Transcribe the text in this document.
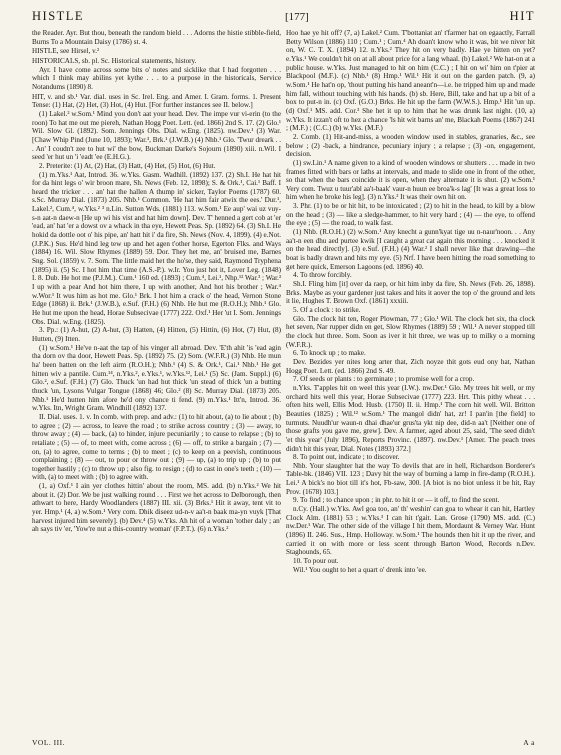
HISTLE	[177]	HIT

the Reader. Ayr. But thou, beneath the random bield . . . Adorns the histie stibble-field, Burns To a Mountain Daisy (1786) st. 4.

HISTLE, see Hirsel, v.²

HISTORICALS, sb. pl. Sc. Historical statements, history.

Ayr. I have come across some bits o' notes and sicklike that I had forgotten . . . which I think may abilins yet kythe . . . to a purpose in the historicals, Service Notandums (1890) 8.

HIT, v. and sb.¹ Var. dial. uses in Sc. Irel. Eng. and Amer. I. Gram. forms. 1. Present Tense: (1) Hat, (2) Het, (3) Hot, (4) Hut. [For further instances see II. below.]

(1) Lakel.² w.Som.¹ Mind you don't aat your head. Dev. The impe vur vi-erin (to the roon) To hat me out me piereh, Nathan Hogg Poet. Lett. (ed. 1866) 2nd S. 17. (2) Glo.¹ Wil. Slow Gl. (1892). Som. Jennings Obs. Dial. w.Eng. (1825). nw.Dev.¹ (3) War. [Chaw Whip Pind (June 10, 1893); War.³, Brk.¹ (J.W.B.) (4) Nhb.¹ Glo. 'Twur dreark . . . An' I coudn't zee to hut wi' the bow, Buckman Darke's Sojourn (1890) xiii. n.Wil. I seed 'er hut un 'i 'eadt 'ee (E.H.G.).

2. Preterite: (1) At, (2) Hat, (3) Hatt, (4) Het, (5) Hot, (6) Hut.

(1) m.Yks.¹ Aat, Introd. 36. w.Yks. Gasm. Wadhill. (1892) 137. (2) Sh.I. He hat hit for da hint legs o' wir broon mare, Sh. News (Feb. 12, 1898); S. & Ork.¹, Cai.¹ Baff. I heard the tricker . . . an' hat the hallen A thump in' sicker, Taylor Poems (1787) 60. s.Sc. Murray Dial. (1873) 205. Nhb.¹ Common. 'He hat him fair atwix the ees.' Dur.¹, Lakel.², Cum.⁴, w.Yks.² ³ n.Lin. Sutton Wds. (1881) 113. w.Som.¹ Ee aup' wai uz vuy-s-n aat-n daew-n [He up wi his vist and hat him down]. Dev. T' henned a gert cob at 'er 'ead, an' hat 'er a dowst ov a whack in tha eye, Hewett Peas. Sp. (1892) 64. (3) Sh.I. He hokid da dottle oot o' his pipe, an' hatt hit i' da fire, Sh. News (Nov. 4, 1899). (4) e.Not. (J.P.K.) Sus. He'd hind leg tew up and het agen t'other horse, Egerton Flks. and Ways (1884) 16. Wil. Slow Rhymes (1889) 59. Dor. They het me, an' bruised me, Barnes Sng. Sol. (1859) v. 7. Som. The little maid het the ho'se, they said, Raymond Tryphena (1895) ii. (5) Sc. I hot him that time (A.S.-P.). w.Ir. You just hot it, Lover Leg. (1848) I. 8. Dub. He hot me (P.J.M.). Cum.¹ 160 ed. (1893) ; Cum.⁴, Lei.¹, Nhp.¹² War.³ ; War.³ I up with a pear And hot him there, I up with another, And hot his brother ; War.⁴ w.Wor.¹ It wus him as hot me. Glo.¹ Brk. I hot him a crack o' the head, Vernon Stone Edge (1868) ii. Brk.¹ (J.W.B.), e.Suf. (F.H.) (6) Nhb. He hut me (R.O.H.); Nhb.¹ Glo. He hut me upon the head, Horae Subsecivae (1777) 222. Oxf.¹ Her 'ut I. Som. Jennings Obs. Dial. w.Eng. (1825).

3. Pp.: (1) A-hut, (2) A-hut, (3) Hatten, (4) Hitten, (5) Hittin, (6) Hot, (7) Hut, (8) Hutten, (9) Itten.

(1) w.Som.¹ He've n-aat the tap of his vinger all abroad. Dev. 'E'th ahit 'is 'ead agin tha dorn ov tha door, Hewett Peas. Sp. (1892) 75. (2) Som. (W.F.R.) (3) Nhb. He mun ha' been hatten on the left airm (R.O.H.); Nhb.¹ (4) S. & Ork.¹, Cai.¹ Nhb.¹ He get hitten wiv a pantile. Cum.¹⁴, n.Yks.², e.Yks.¹, w.Yks.¹², Lei.¹ (5) Sc. (Jam. Suppl.) (6) Glo.², e.Suf. (F.H.) (7) Glo. Thuck 'un had hut thick 'un stead of thick 'un a butting thuck 'un, Lysons Vulgar Tongue (1868) 46; Glo.² (8) Sc. Murray Dial. (1873) 205. Nhb.¹ He'd hutten him afore he'd ony chance ti fend. (9) m.Yks.¹ Itt'n, Introd. 36. w.Yks. Itn, Wright Gram. Windhill (1892) 137.

II. Dial. uses. 1. v. In comb. with prep. and adv.: (1) to hit about, (a) to lie about ; (b) to agree ; (2) — across, to leave the road ; to strike across country ; (3) — away, to throw away ; (4) — back, (a) to hinder, injure pecuniarily ; to cause to relapse ; (b) to retaliate ; (5) — of, to meet with, come across ; (6) — off, to strike a bargain ; (7) — on, (a) to agree, come to terms ; (b) to meet ; (c) to keep on a peevish, continuous complaining ; (8) — out, to pour or throw out ; (9) — up, (a) to trip up ; (b) to put together hastily ; (c) to throw up ; also fig. to resign ; (d) to cast in one's teeth ; (10) — with, (a) to meet with ; (b) to agree with.

(1, a) Oxf.¹ I ain yer clothes hittin' about the room, MS. add. (b) n.Yks.² We hit about it. (2) Dor. We be just walking round . . . First we het across to Delborough, then athwart to here, Hardy Woodlanders (1887) III. xii. (3) Brks.¹ Hit it away, tent vit to yer. Hmp.¹ (4, a) w.Som.¹ Very com. Dhik diseez ud-n-v aa't-n baak ma-yn vuyk [That harvest injured him severely]. (b) Dev.⁴ (5) w.Yks. Ah hit of a woman 'tother daly ; an' ah says tiv 'er, 'Yow're nut a this-country woman' (F.P.T.). (6) n.Yks.²

Hoo hae ye hit off? (7, a) Lakel.² Cum. T'bottaniat an' t'farmer hat on egaactly, Farrall Betty Wilson (1886) 110 ; Cum.¹ ; Cum.⁴ Ah doan't know who it was, bit we niver hit on, W. C. T. X. (1894) 12. n.Yks.² They hit on very badly. Hae ye hitten on yet? e.Yks.¹ We couldn't hit on at all about price for a lang whaal. (b) Lakel.² We hat-on at a public house. w.Yks. Just managed to hit on him (C.C.) ; I hit on wi' him on t'pier at Blackpool (M.F.). (c) Nhb.¹ (8) Hmp.¹ Wil.¹ Hit it out on the garden patch. (9, a) w.Som.¹ He hat'n op, 'thout putting his hand aneant'n—i.e. he tripped him up and made him fall, without touching with his hands. (b) sb. Here, Bill, take and hat up a bit of a box to put-n in. (c) Oxf. (G.O.) Brks. He hit up the farm (W.W.S.). Hmp.¹ Hit 'un up. (d) Oxf.¹ MS. add. Cor.³ She het it up to him that he was drunk last night. (10, a) w.Yks. It izzan't oft to hez a chance 'ls hit wit barns an' me, Blackah Poems (1867) 241 ; (M.F.) ; (C.C.) (b) w.Yks. (M.F.)

2. Comb. (1) Hit-and-miss, a wooden window used in stables, granaries, &c., see below ; (2) -back, a hindrance, pecuniary injury ; a relapse ; (3) -on, engagement, decision.

(1) sw.Lin.¹ A name given to a kind of wooden windows or shutters . . . made in two frames fitted with bars or laths at intervals, and made to slide one in front of the other, so that when the bars coincide it is open, when they alternate it is shut. (2) w.Som.¹ Very com. Twuz u tuur'abl aa't-baak' vaur-n huun ee broa'k-s lag' [It was a great loss to him when he broke his leg]. (3) n.Yks.² It was their own hit on.

3. Phr. (1) to be or hit hit, to be intoxicated ; (2) to hit in the head, to kill by a blow on the head ; (3) — like a sledge-hammer, to hit very hard ; (4) — the eye, to offend the eye ; (5) — the road, to walk fast.

(1) Nhb. (R.O.H.) (2) w.Som.¹ Any knecht a gunn'kyat tige uu n-naur'noon. . . Any aa't-n een dhu aed purtee kwik [I caught a great cat again this morning . . . knocked it on the head directly]. (3) e.Suf. (F.H.) (4) War.² I shall never like that drawing—the boat is badly drawn and hits my eye. (5) Nrf. I have been hitting the road something to get here quick, Emerson Lagoons (ed. 1896) 40.

4. To throw forcibly.

Sh.I. Fling him [it] over da raep, or hit him inby da fire, Sh. News (Feb. 26, 1898). Brks. Maybe as your gardener just takes and hits it aover the top o' the ground and lets it lie, Hughes T. Brown Oxf. (1861) xxxiii.

5. Of a clock : to strike.

Glo. The clock hit ten, Roger Plowman, 77 ; Glo.¹ Wil. The clock het six, tha clock het seven, Nar rupper didn en get, Slow Rhymes (1889) 59 ; Wil.¹ A never stopped till the clock hut three. Som. Soon as iver it hit three, we was up to milky o a morning (W.F.R.).

6. To knock up ; to make.

Dev. Bezides yer nites long arter that, Zich noyze thit gots eud ony hat, Nathan Hogg Poet. Lett. (ed. 1866) 2nd S. 49.

7. Of seeds or plants : to germinate ; to promise well for a crop.

n.Yks. T'apples hit on weel this year (I.W.). nw.Der.¹ Glo. My trees hit well, or my orchard hits well this year, Horae Subsecivae (1777) 223. Hrt. This pithy wheat . . . often hits well, Ellis Mod. Husb. (1750) II. ii. Hmp.¹ The corn hit well. Wil. Britton Beauties (1825) ; Wil.¹² w.Som.¹ The mangol didn' hat, zr! I pan'in [the field] to turmuts. Nuudh'ur waun-n dhai dhae'ur grus'ta ykt nip dee, did-n aa't [Neither one of those grafts you gave me, grew]. Dev. A farmer, aged about 25, said, 'The seed didn't 'et this year' (July 1896), Reports Provinc. (1897). nw.Dev.¹ [Amer. The peach trees didn't hit this year, Dial. Notes (1893) 372.]

8. To point out, indicate ; to discover.

Nhb. Your slaughter hat the way To devils that are in hell, Richardson Borderer's Table-bk. (1846) VII. 123 ; Davy hit the way of burning a lamp in fire-damp (R.O.H.). Lei.¹ A bick's no biot till it's hot, Fb-saw, 300. [A biot is no biot unless it be hit, Ray Prov. (1678) 103.]

9. To find ; to chance upon ; in phr. to hit it or — it off, to find the scent.

n.Cy. (Hall.) w.Yks. Awl goa too, an' th' weshin' can goa to whear it can hit, Hartley Clock Alm. (1881) 53 ; w.Yks.³ I can hit t'gait. Lan. Grose (1790) MS. add. (C.) nw.Der.¹ War. The other side of the village I hit them, Mordaunt & Verney War. Hunt (1896) II. 246. Sus., Hmp. Holloway. w.Som.¹ The hounds then hit it up the river, and carried it on with more or less scent through Barton Wood, Records n.Dev. Staghounds, 65.

10. To pour out.

Wil.¹ You ought to het a quart o' drenk into 'ee.

VOL. III.	A a
